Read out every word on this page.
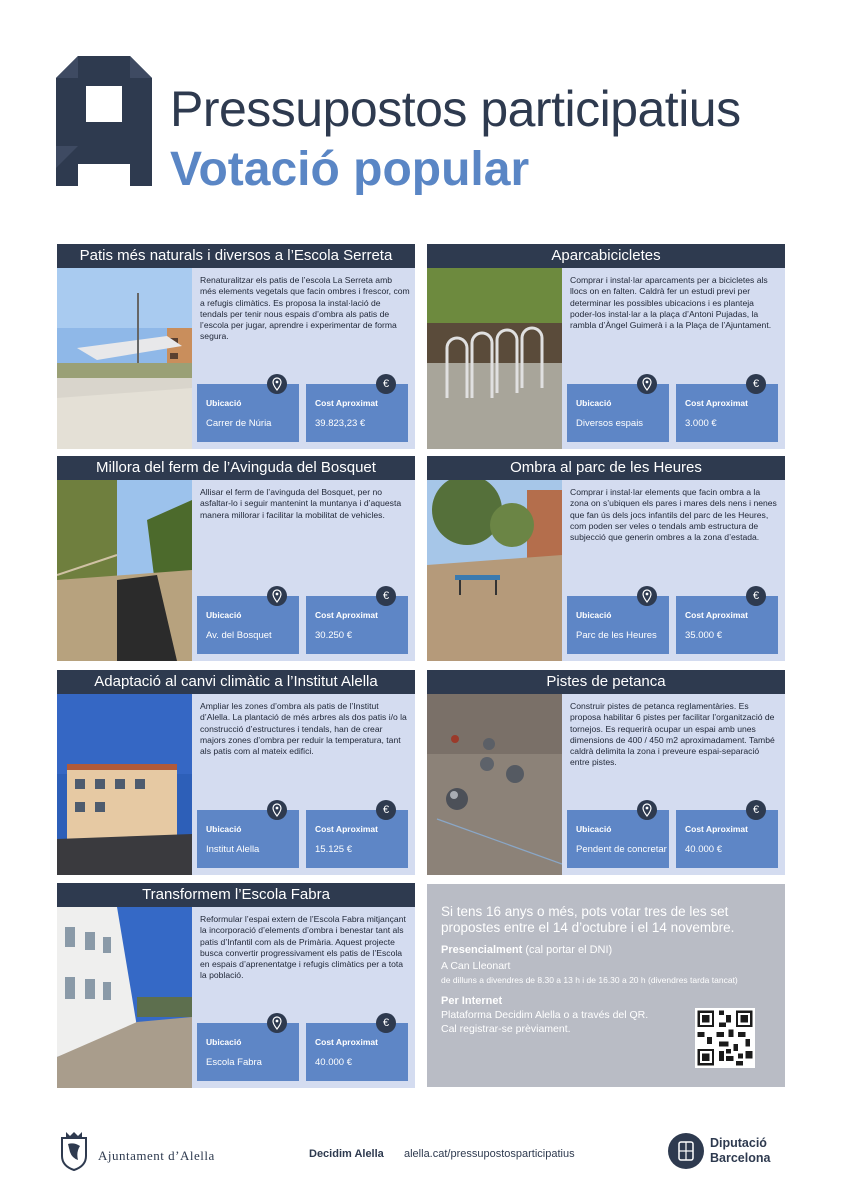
Pressupostos participatius
Votació popular
Patis més naturals i diversos a l’Escola Serreta
Renaturalitzar els patis de l’escola La Serreta amb més elements vegetals que facin ombres i frescor, com a refugis climàtics. Es proposa la instal·lació de tendals per tenir nous espais d’ombra als patis de l’escola per jugar, aprendre i experimentar de forma segura.
Ubicació
Carrer de Núria
€
Cost Aproximat
39.823,23 €
Aparcabicicletes
Comprar i instal·lar aparcaments per a bicicletes als llocs on en falten. Caldrà fer un estudi previ per determinar les possibles ubicacions i es planteja poder-los instal·lar a la plaça d’Antoni Pujadas, la rambla d’Àngel Guimerà i a la Plaça de l’Ajuntament.
Ubicació
Diversos espais
€
Cost Aproximat
3.000 €
Millora del ferm de l’Avinguda del Bosquet
Allisar el ferm de l’avinguda del Bosquet, per no asfaltar-lo i seguir mantenint la muntanya i d’aquesta manera millorar i facilitar la mobilitat de vehicles.
Ubicació
Av. del Bosquet
€
Cost Aproximat
30.250 €
Ombra al parc de les Heures
Comprar i instal·lar elements que facin ombra a la zona on s’ubiquen els pares i mares dels nens i nenes que fan ús dels jocs infantils del parc de les Heures, com poden ser veles o tendals amb estructura de subjecció que generin ombres a la zona d’estada.
Ubicació
Parc de les Heures
€
Cost Aproximat
35.000 €
Adaptació al canvi climàtic a l’Institut Alella
Ampliar les zones d’ombra als patis de l’Institut d’Alella. La plantació de més arbres als dos patis i/o la construcció d’estructures i tendals, han de crear majors zones d’ombra per reduir la temperatura, tant als patis com al mateix edifici.
Ubicació
Institut Alella
€
Cost Aproximat
15.125 €
Pistes de petanca
Construir pistes de petanca reglamentàries. Es proposa habilitar 6 pistes per facilitar l’organització de tornejos. Es requerirà ocupar un espai amb unes dimensions de 400 / 450 m2 aproximadament. També caldrà delimita la zona i preveure espai-separació entre pistes.
Ubicació
Pendent de concretar
€
Cost Aproximat
40.000 €
Transformem l’Escola Fabra
Reformular l’espai extern de l’Escola Fabra mitjançant la incorporació d’elements d’ombra i benestar tant als patis d’Infantil com als de Primària. Aquest projecte busca convertir progressivament els patis de l’Escola en espais d’aprenentatge i refugis climàtics per a tota la població.
Ubicació
Escola Fabra
€
Cost Aproximat
40.000 €
Si tens 16 anys o més, pots votar tres de les set propostes entre el 14 d’octubre i el 14 novembre.
Presencialment (cal portar el DNI)
A Can Lleonart
de dilluns a divendres de 8.30 a 13 h i de 16.30 a 20 h (divendres tarda tancat)
Per Internet
Plataforma Decidim Alella o a través del QR.
Cal registrar-se prèviament.
Ajuntament d’Alella	Decidim Alella alella.cat/pressupostosparticipatius
Diputació
Barcelona
